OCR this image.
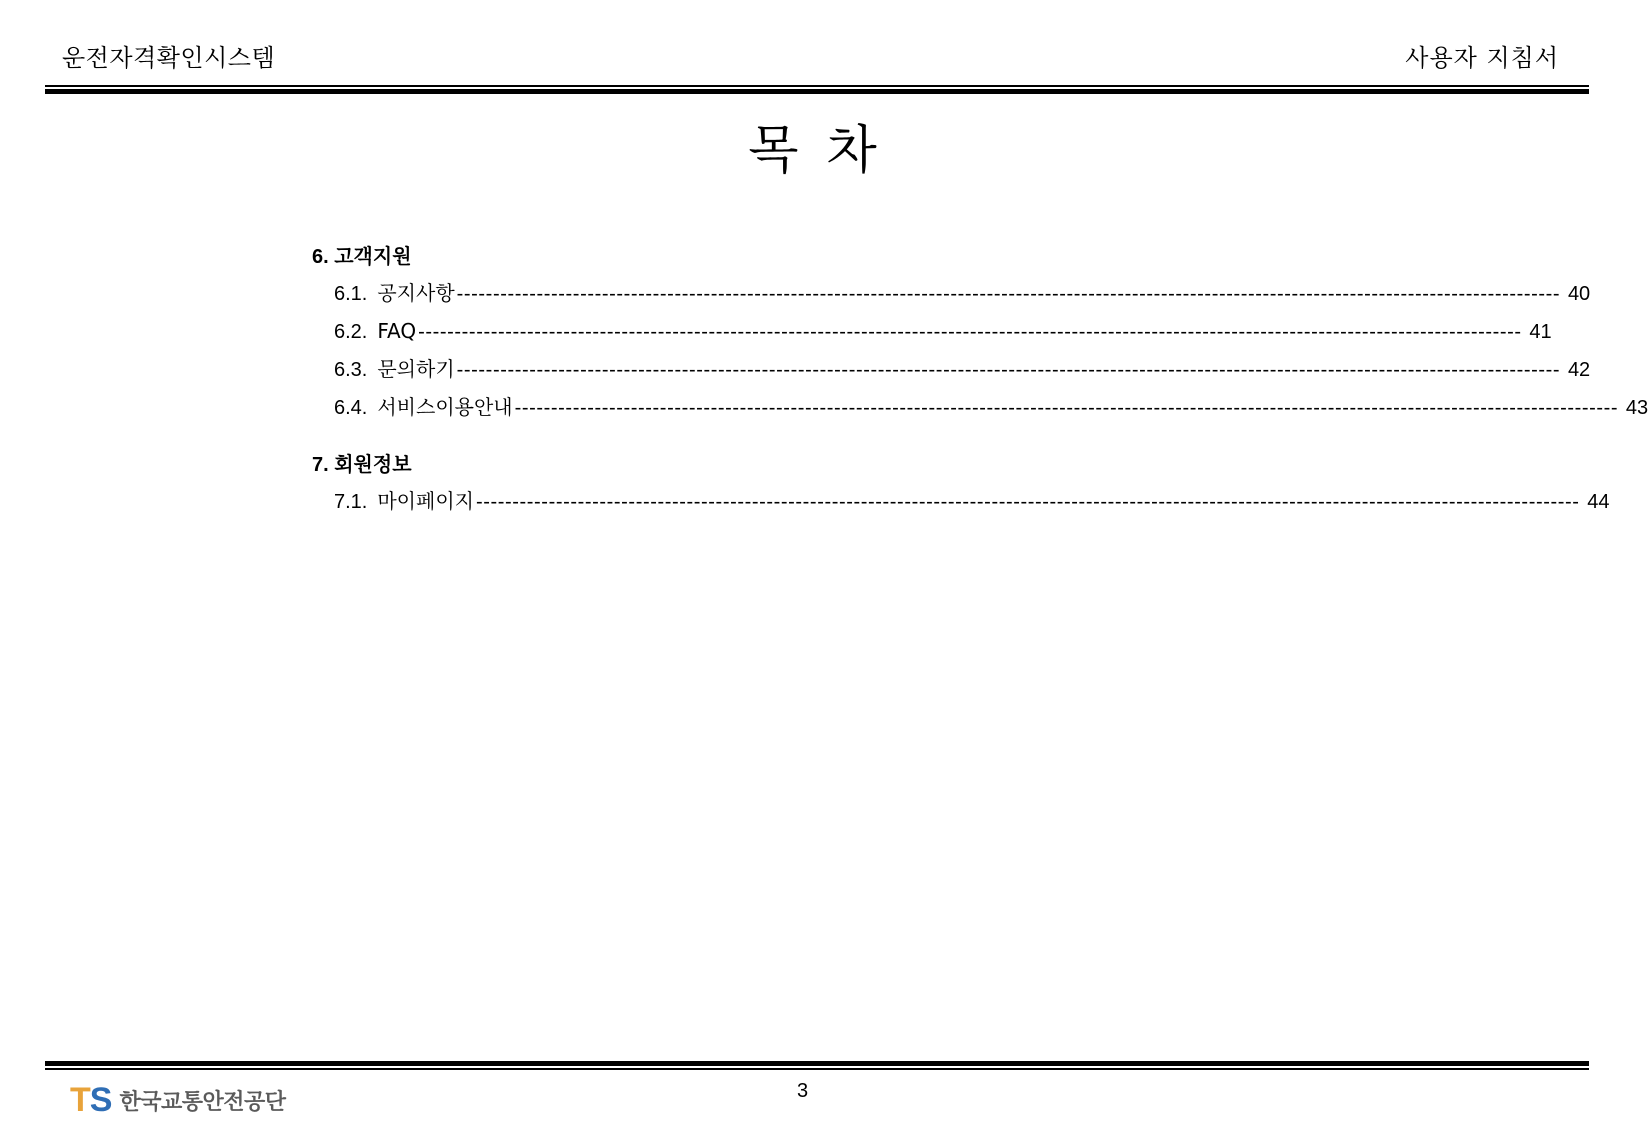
운전자격확인시스템	사용자 지침서
목차
6. 고객지원
6.1. 공지사항 -------------------------------------------------------------------------------------------------------------------------------------------------------- 40
6.2. FAQ -------------------------------------------------------------------------------------------------------------------------------------------------------- 41
6.3. 문의하기 -------------------------------------------------------------------------------------------------------------------------------------------------------- 42
6.4. 서비스이용안내 -------------------------------------------------------------------------------------------------------------------------------------------------------- 43
7. 회원정보
7.1. 마이페이지 -------------------------------------------------------------------------------------------------------------------------------------------------------- 44
TS 한국교통안전공단	3
